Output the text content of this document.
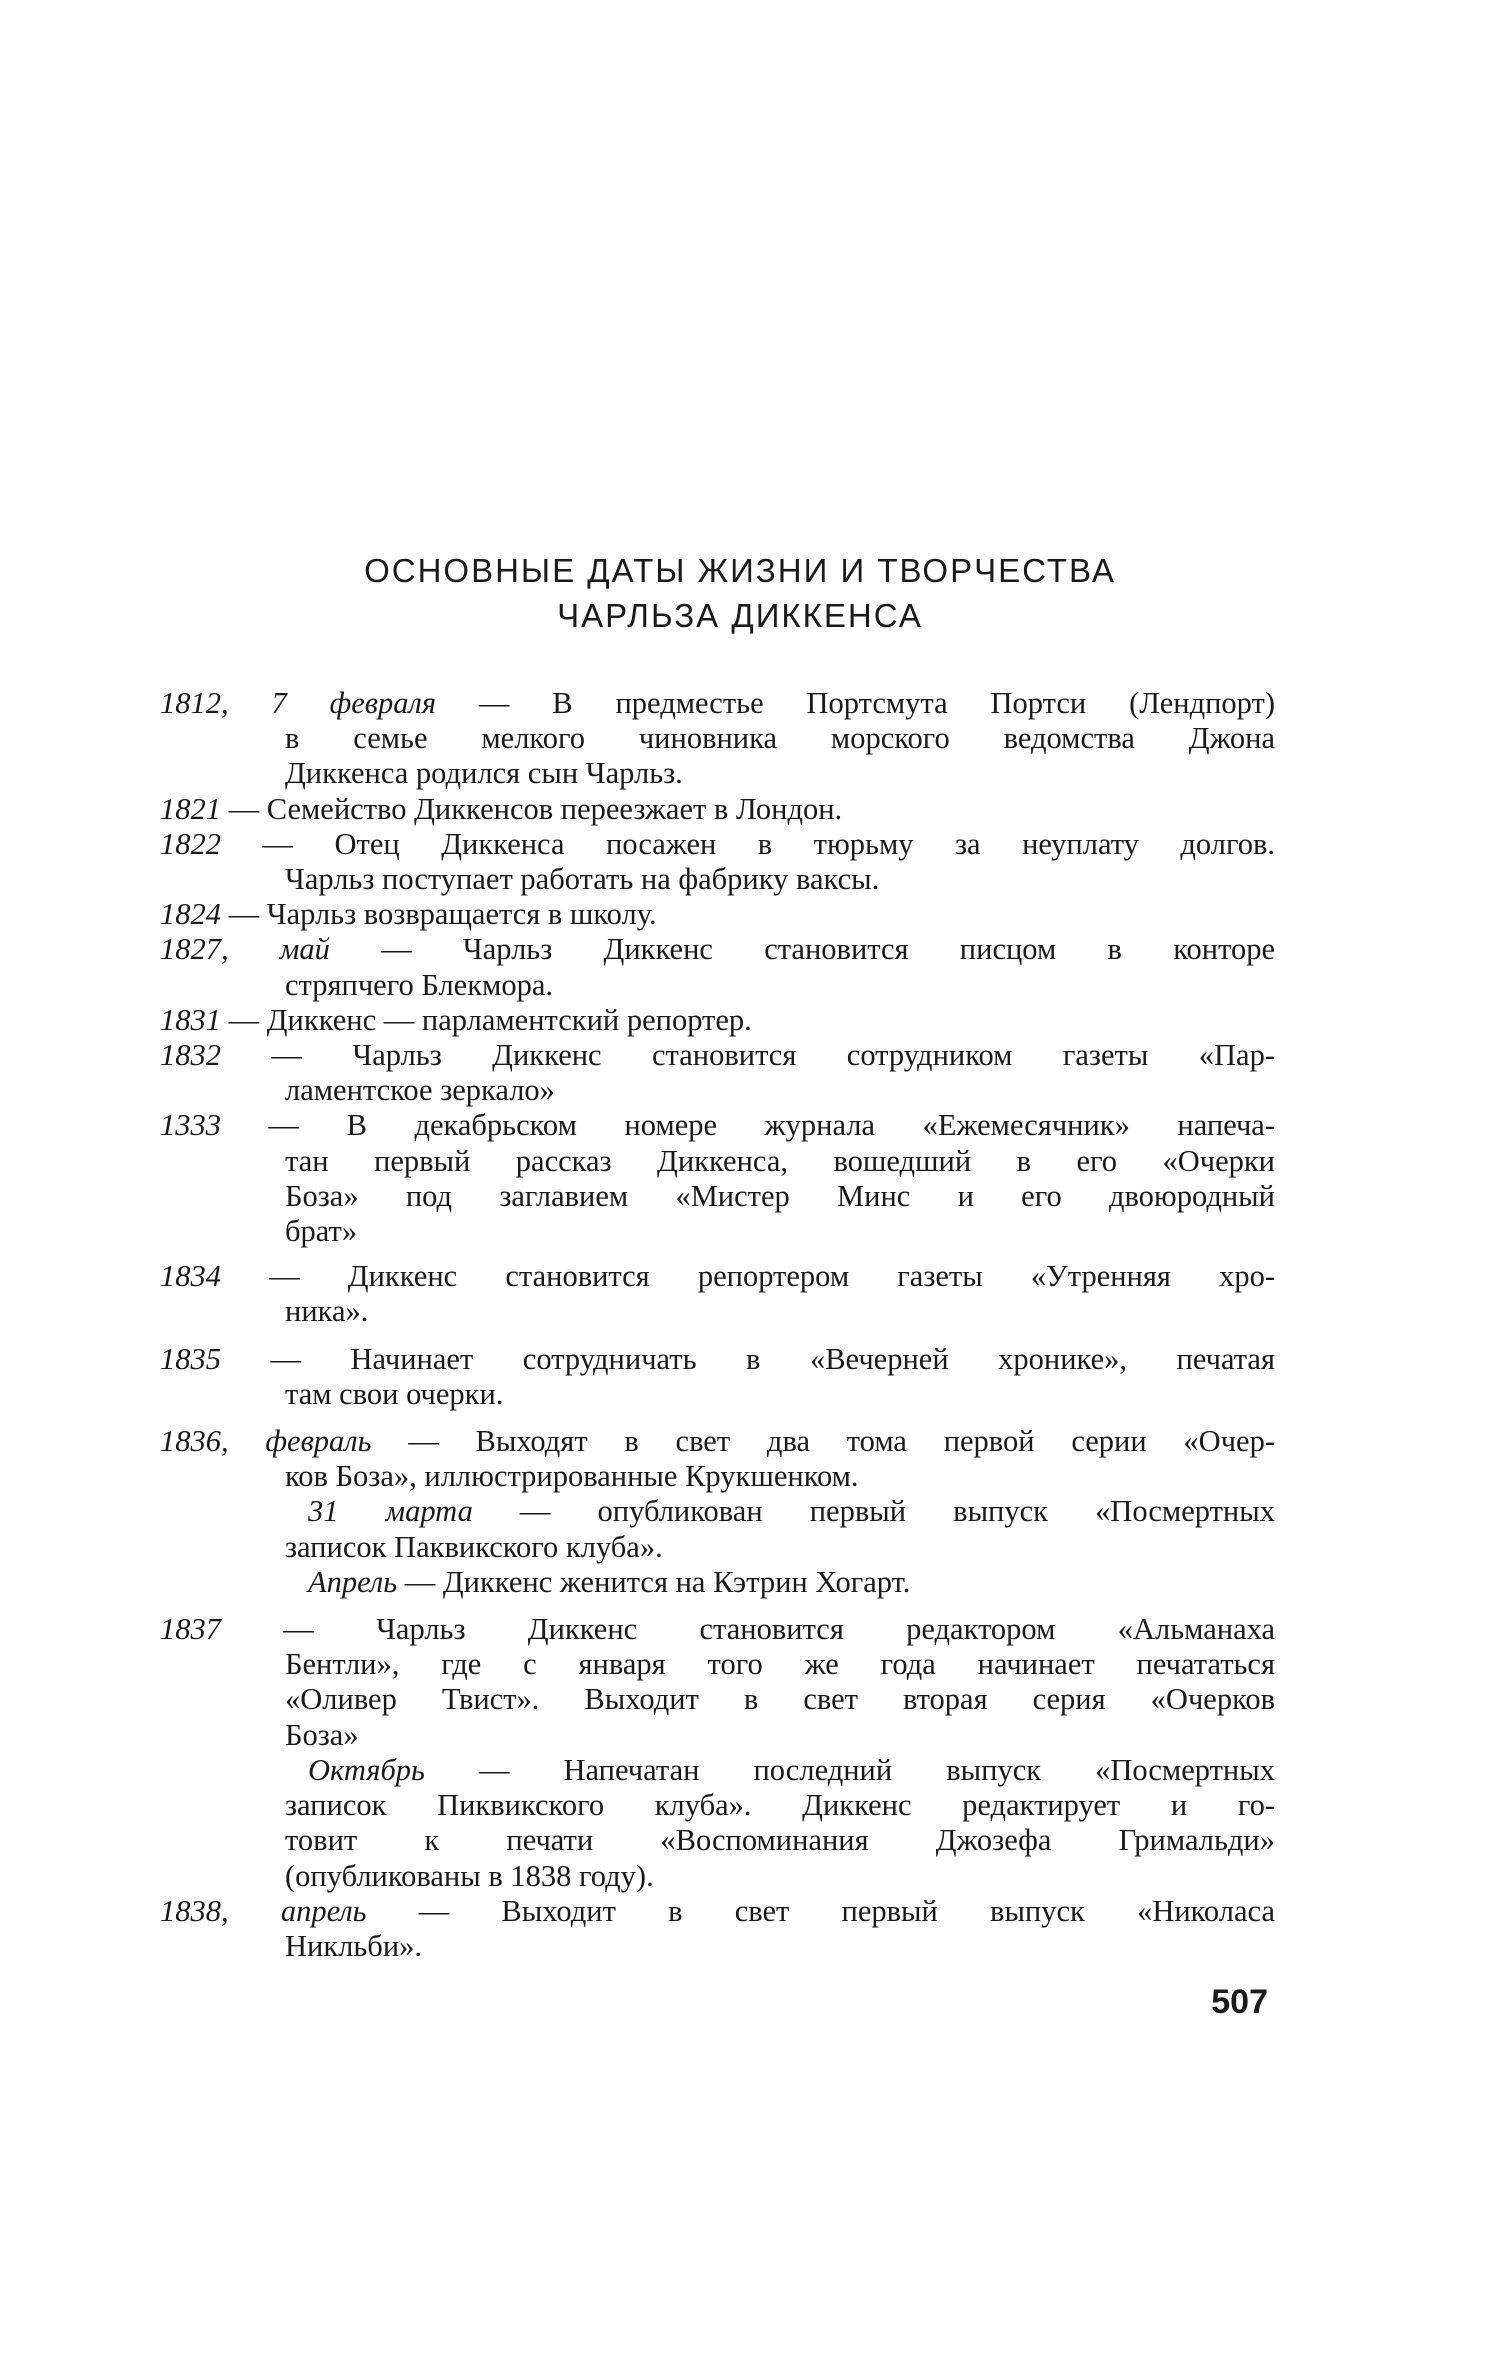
ОСНОВНЫЕ ДАТЫ ЖИЗНИ И ТВОРЧЕСТВА
ЧАРЛЬЗА ДИККЕНСА
1812, 7 февраля — В предместье Портсмута Портси (Лендпорт)
в семье мелкого чиновника морского ведомства Джона
Диккенса родился сын Чарльз.
1821 — Семейство Диккенсов переезжает в Лондон.
1822 — Отец Диккенса посажен в тюрьму за неуплату долгов.
Чарльз поступает работать на фабрику ваксы.
1824 — Чарльз возвращается в школу.
1827, май — Чарльз Диккенс становится писцом в конторе
стряпчего Блекмора.
1831 — Диккенс — парламентский репортер.
1832 — Чарльз Диккенс становится сотрудником газеты «Пар-
ламентское зеркало»
1333 — В декабрьском номере журнала «Ежемесячник» напеча-
тан первый рассказ Диккенса, вошедший в его «Очерки
Боза» под заглавием «Мистер Минс и его двоюродный
брат»
1834 — Диккенс становится репортером газеты «Утренняя хро-
ника».
1835 — Начинает сотрудничать в «Вечерней хронике», печатая
там свои очерки.
1836, февраль — Выходят в свет два тома первой серии «Очер-
ков Боза», иллюстрированные Крукшенком.
31 марта — опубликован первый выпуск «Посмертных
записок Паквикского клуба».
Апрель — Диккенс женится на Кэтрин Хогарт.
1837 — Чарльз Диккенс становится редактором «Альманаха
Бентли», где с января того же года начинает печататься
«Оливер Твист». Выходит в свет вторая серия «Очерков
Боза»
Октябрь — Напечатан последний выпуск «Посмертных
записок Пиквикского клуба». Диккенс редактирует и го-
товит к печати «Воспоминания Джозефа Гримальди»
(опубликованы в 1838 году).
1838, апрель — Выходит в свет первый выпуск «Николаса
Никльби».
507
